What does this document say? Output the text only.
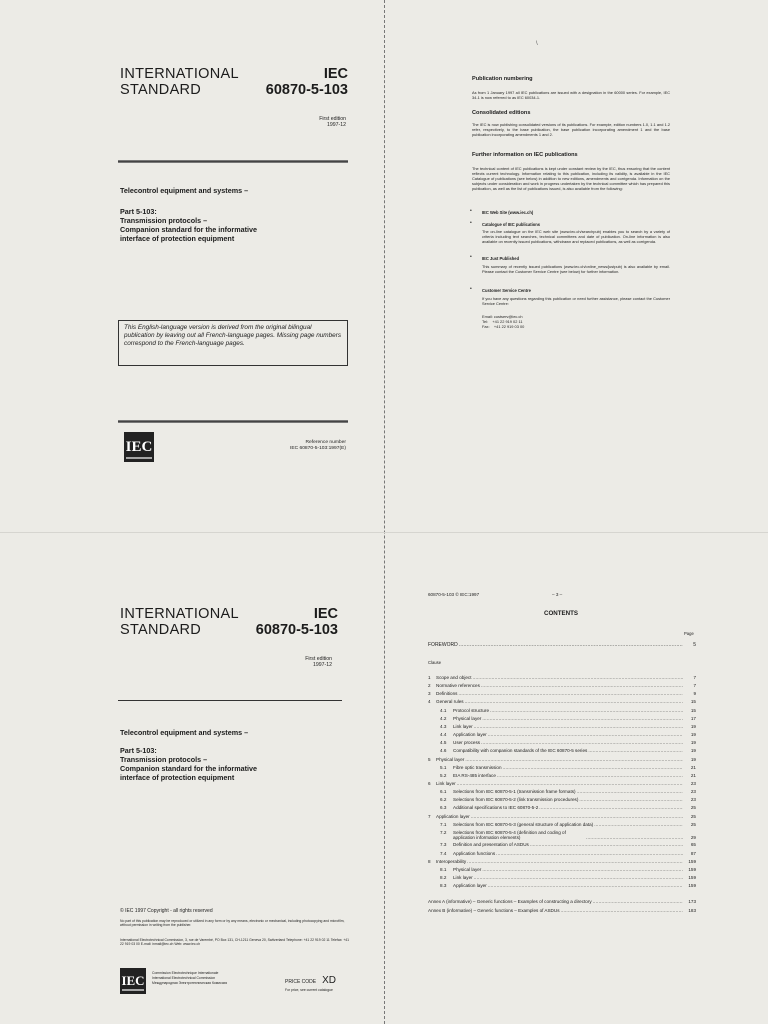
INTERNATIONAL
STANDARD
IEC
60870-5-103
First edition
1997-12
Telecontrol equipment and systems –
Part 5-103:
Transmission protocols –
Companion standard for the informative
interface of protection equipment
This English-language version is derived from the original bilingual publication by leaving out all French-language pages. Missing page numbers correspond to the French-language pages.
IEC	Reference number
IEC 60870-5-103:1997(E)
\
Publication numbering
As from 1 January 1997 all IEC publications are issued with a designation in the 60000 series. For example, IEC 34-1 is now referred to as IEC 60034-1.
Consolidated editions
The IEC is now publishing consolidated versions of its publications. For example, edition numbers 1.0, 1.1 and 1.2 refer, respectively, to the base publication, the base publication incorporating amendment 1 and the base publication incorporating amendments 1 and 2.
Further information on IEC publications
The technical content of IEC publications is kept under constant review by the IEC, thus ensuring that the content reflects current technology. Information relating to this publication, including its validity, is available in the IEC Catalogue of publications (see below) in addition to new editions, amendments and corrigenda. Information on the subjects under consideration and work in progress undertaken by the technical committee which has prepared this publication, as well as the list of publications issued, is also available from the following:
• IEC Web Site (www.iec.ch)
• Catalogue of IEC publications
The on-line catalogue on the IEC web site (www.iec.ch/searchpub) enables you to search by a variety of criteria including text searches, technical committees and date of publication. On-line information is also available on recently issued publications, withdrawn and replaced publications, as well as corrigenda.
• IEC Just Published
This summary of recently issued publications (www.iec.ch/online_news/justpub) is also available by email. Please contact the Customer Service Centre (see below) for further information.
• Customer Service Centre
If you have any questions regarding this publication or need further assistance, please contact the Customer Service Centre:
Email: custserv@iec.ch
Tel:    +41 22 919 02 11
Fax:    +41 22 919 03 00
INTERNATIONAL
STANDARD
IEC
60870-5-103
First edition
1997-12
Telecontrol equipment and systems –
Part 5-103:
Transmission protocols –
Companion standard for the informative
interface of protection equipment
© IEC 1997 Copyright - all rights reserved
No part of this publication may be reproduced or utilized in any form or by any means, electronic or mechanical, including photocopying and microfilm, without permission in writing from the publisher.
International Electrotechnical Commission, 3, rue de Varembé, PO Box 131, CH-1211 Geneva 20, Switzerland Telephone: +41 22 919 02 11 Telefax: +41 22 919 03 00 E-mail: inmail@iec.ch Web: www.iec.ch
IEC	Commission Electrotechnique Internationale
International Electrotechnical Commission
Международная Электротехническая Комиссия	PRICE CODE XD
For price, see current catalogue
60870-5-103 © IEC:1997	– 3 –
CONTENTS
Page
FOREWORD .....	5
Clause
1	Scope and object .....	7
2	Normative references .....	7
3	Definitions .....	9
4	General rules .....	15
4.1	Protocol structure .....	15
4.2	Physical layer .....	17
4.3	Link layer .....	19
4.4	Application layer .....	19
4.5	User process .....	19
4.6	Compatibility with companion standards of the IEC 60870-5 series .....	19
5	Physical layer .....	19
5.1	Fibre optic transmission .....	21
5.2	EIA RS-485 interface .....	21
6	Link layer .....	23
6.1	Selections from IEC 60870-5-1 (transmission frame formats) .....	23
6.2	Selections from IEC 60870-5-2 (link transmission procedures) .....	23
6.3	Additional specifications to IEC 60870-5-2 .....	25
7	Application layer .....	25
7.1	Selections from IEC 60870-5-3 (general structure of application data) .....	25
7.2	Selections from IEC 60870-5-4 (definition and coding of application information elements) .....	29
7.3	Definition and presentation of ASDUs .....	65
7.4	Application functions .....	87
8	Interoperability .....	159
8.1	Physical layer .....	159
8.2	Link layer .....	159
8.3	Application layer .....	159
Annex A (informative) – Generic functions – Examples of constructing a directory .....	173
Annex B (informative) – Generic functions – Examples of ASDUs .....	183
